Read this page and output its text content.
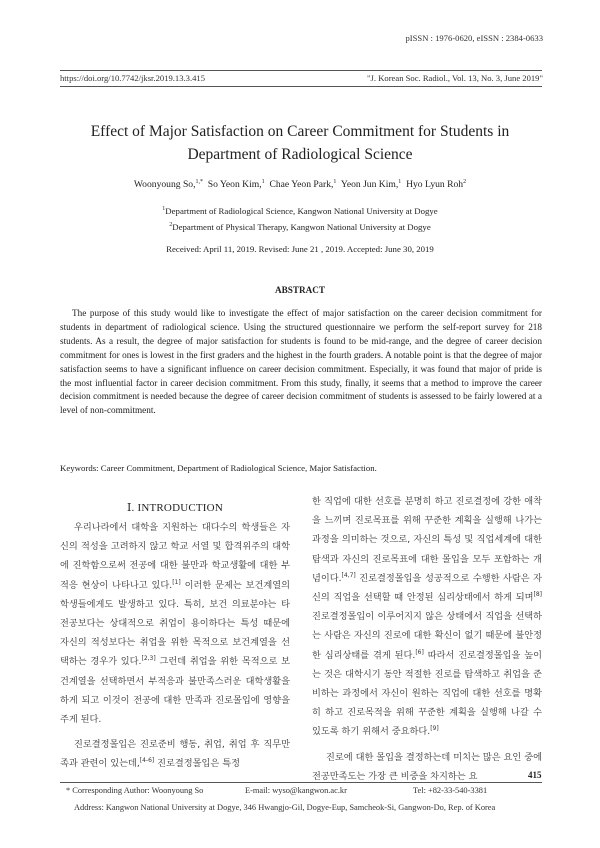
pISSN : 1976-0620, eISSN : 2384-0633
https://doi.org/10.7742/jksr.2019.13.3.415	"J. Korean Soc. Radiol., Vol. 13, No. 3, June 2019"
Effect of Major Satisfaction on Career Commitment for Students in
Department of Radiological Science
Woonyoung So,$^{1,*}$ So Yeon Kim,$^1$ Chae Yeon Park,$^1$ Yeon Jun Kim,$^1$ Hyo Lyun Roh$^2$
$^1$Department of Radiological Science, Kangwon National University at Dogye
$^2$Department of Physical Therapy, Kangwon National University at Dogye
Received: April 11, 2019. Revised: June 21 , 2019. Accepted: June 30, 2019
ABSTRACT
The purpose of this study would like to investigate the effect of major satisfaction on the career decision commitment for students in department of radiological science. Using the structured questionnaire we perform the self-report survey for 218 students. As a result, the degree of major satisfaction for students is found to be mid-range, and the degree of career decision commitment for ones is lowest in the first graders and the highest in the fourth graders. A notable point is that the degree of major satisfaction seems to have a significant influence on career decision commitment. Especially, it was found that major of pride is the most influential factor in career decision commitment. From this study, finally, it seems that a method to improve the career decision commitment is needed because the degree of career decision commitment of students is assessed to be fairly lowered at a level of non-commitment.
Keywords: Career Commitment, Department of Radiological Science, Major Satisfaction.
Ⅰ. INTRODUCTION

우리나라에서 대학을 지원하는 대다수의 학생들은 자신의 적성을 고려하지 않고 학교 서열 및 합격위주의 대학에 진학함으로써 전공에 대한 불만과 학교생활에 대한 부적응 현상이 나타나고 있다.[1] 이러한 문제는 보건계열의 학생들에게도 발생하고 있다. 특히, 보건 의료분야는 타 전공보다는 상대적으로 취업이 용이하다는 특성 때문에 자신의 적성보다는 취업을 위한 목적으로 보건계열을 선택하는 경우가 있다.[2,3] 그런데 취업을 위한 목적으로 보건계열을 선택하면서 부적응과 불만족스러운 대학생활을 하게 되고 이것이 전공에 대한 만족과 진로몰입에 영향을 주게 된다.

진로결정몰입은 진로준비 행동, 취업, 취업 후 직무만족과 관련이 있는데,[4-6] 진로결정몰입은 특정

한 직업에 대한 선호를 분명히 하고 진로결정에 강한 애착을 느끼며 진로목표를 위해 꾸준한 계획을 실행해 나가는 과정을 의미하는 것으로, 자신의 특성 및 직업세계에 대한 탐색과 자신의 진로목표에 대한 몰입을 모두 포함하는 개념이다.[4,7] 진로결정몰입을 성공적으로 수행한 사람은 자신의 직업을 선택할 때 안정된 심리상태에서 하게 되며[8] 진로결정몰입이 이루어지지 않은 상태에서 직업을 선택하는 사람은 자신의 진로에 대한 확신이 없기 때문에 불안정한 심리상태를 겪게 된다.[6] 따라서 진로결정몰입을 높이는 것은 대학시기 동안 적절한 진로를 탐색하고 취업을 준비하는 과정에서 자신이 원하는 직업에 대한 선호를 명확히 하고 진로목적을 위해 꾸준한 계획을 실행해 나갈 수 있도록 하기 위해서 중요하다.[9]

진로에 대한 몰입을 결정하는데 미치는 많은 요인 중에 전공만족도는 가장 큰 비중을 차지하는 요	415
* Corresponding Author: Woonyoung So	E-mail: wyso@kangwon.ac.kr	Tel: +82-33-540-3381
Address: Kangwon National University at Dogye, 346 Hwangjo-Gil, Dogye-Eup, Samcheok-Si, Gangwon-Do, Rep. of Korea
